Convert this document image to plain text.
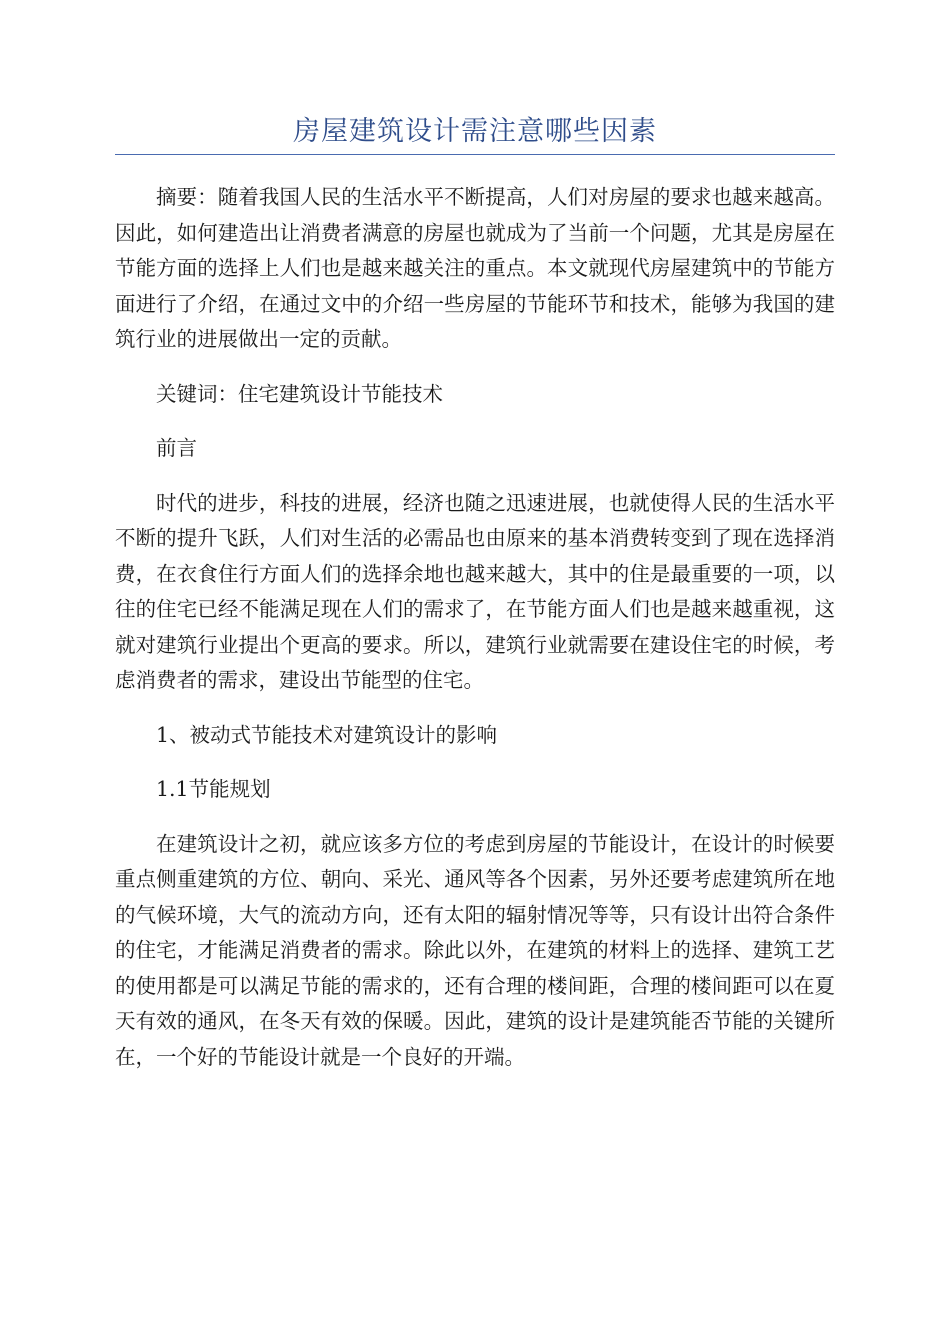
房屋建筑设计需注意哪些因素

摘要：随着我国人民的生活水平不断提高，人们对房屋的要求也越来越高。因此，如何建造出让消费者满意的房屋也就成为了当前一个问题，尤其是房屋在节能方面的选择上人们也是越来越关注的重点。本文就现代房屋建筑中的节能方面进行了介绍，在通过文中的介绍一些房屋的节能环节和技术，能够为我国的建筑行业的进展做出一定的贡献。

关键词：住宅建筑设计节能技术

前言

时代的进步，科技的进展，经济也随之迅速进展，也就使得人民的生活水平不断的提升飞跃，人们对生活的必需品也由原来的基本消费转变到了现在选择消费，在衣食住行方面人们的选择余地也越来越大，其中的住是最重要的一项，以往的住宅已经不能满足现在人们的需求了，在节能方面人们也是越来越重视，这就对建筑行业提出个更高的要求。所以，建筑行业就需要在建设住宅的时候，考虑消费者的需求，建设出节能型的住宅。

1、被动式节能技术对建筑设计的影响

1.1节能规划

在建筑设计之初，就应该多方位的考虑到房屋的节能设计，在设计的时候要重点侧重建筑的方位、朝向、采光、通风等各个因素，另外还要考虑建筑所在地的气候环境，大气的流动方向，还有太阳的辐射情况等等，只有设计出符合条件的住宅，才能满足消费者的需求。除此以外，在建筑的材料上的选择、建筑工艺的使用都是可以满足节能的需求的，还有合理的楼间距，合理的楼间距可以在夏天有效的通风，在冬天有效的保暖。因此，建筑的设计是建筑能否节能的关键所在，一个好的节能设计就是一个良好的开端。
